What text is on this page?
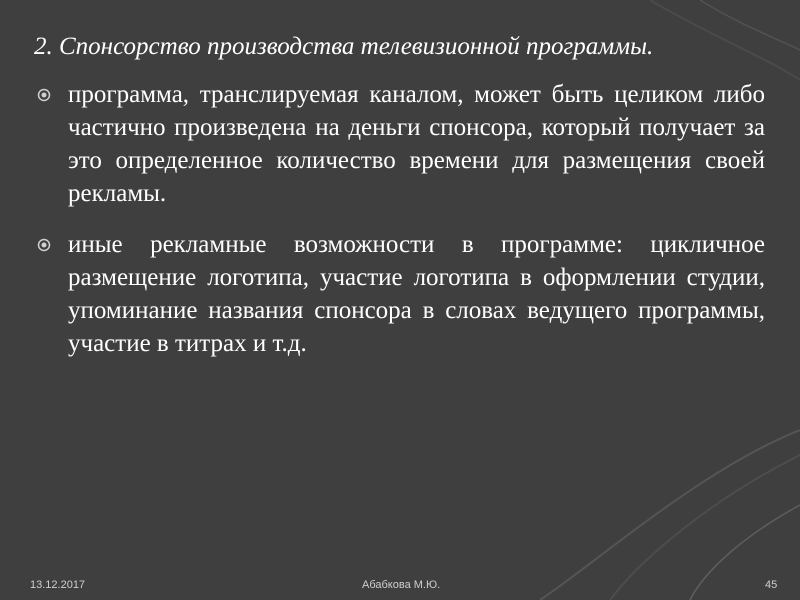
2. Спонсорство производства телевизионной программы.
программа, транслируемая каналом, может быть целиком либо частично произведена на деньги спонсора, который получает за это определенное количество времени для размещения своей рекламы.
иные рекламные возможности в программе: цикличное размещение логотипа, участие логотипа в оформлении студии, упоминание названия спонсора в словах ведущего программы, участие в титрах и т.д.
13.12.2017	Абабкова М.Ю.	45
